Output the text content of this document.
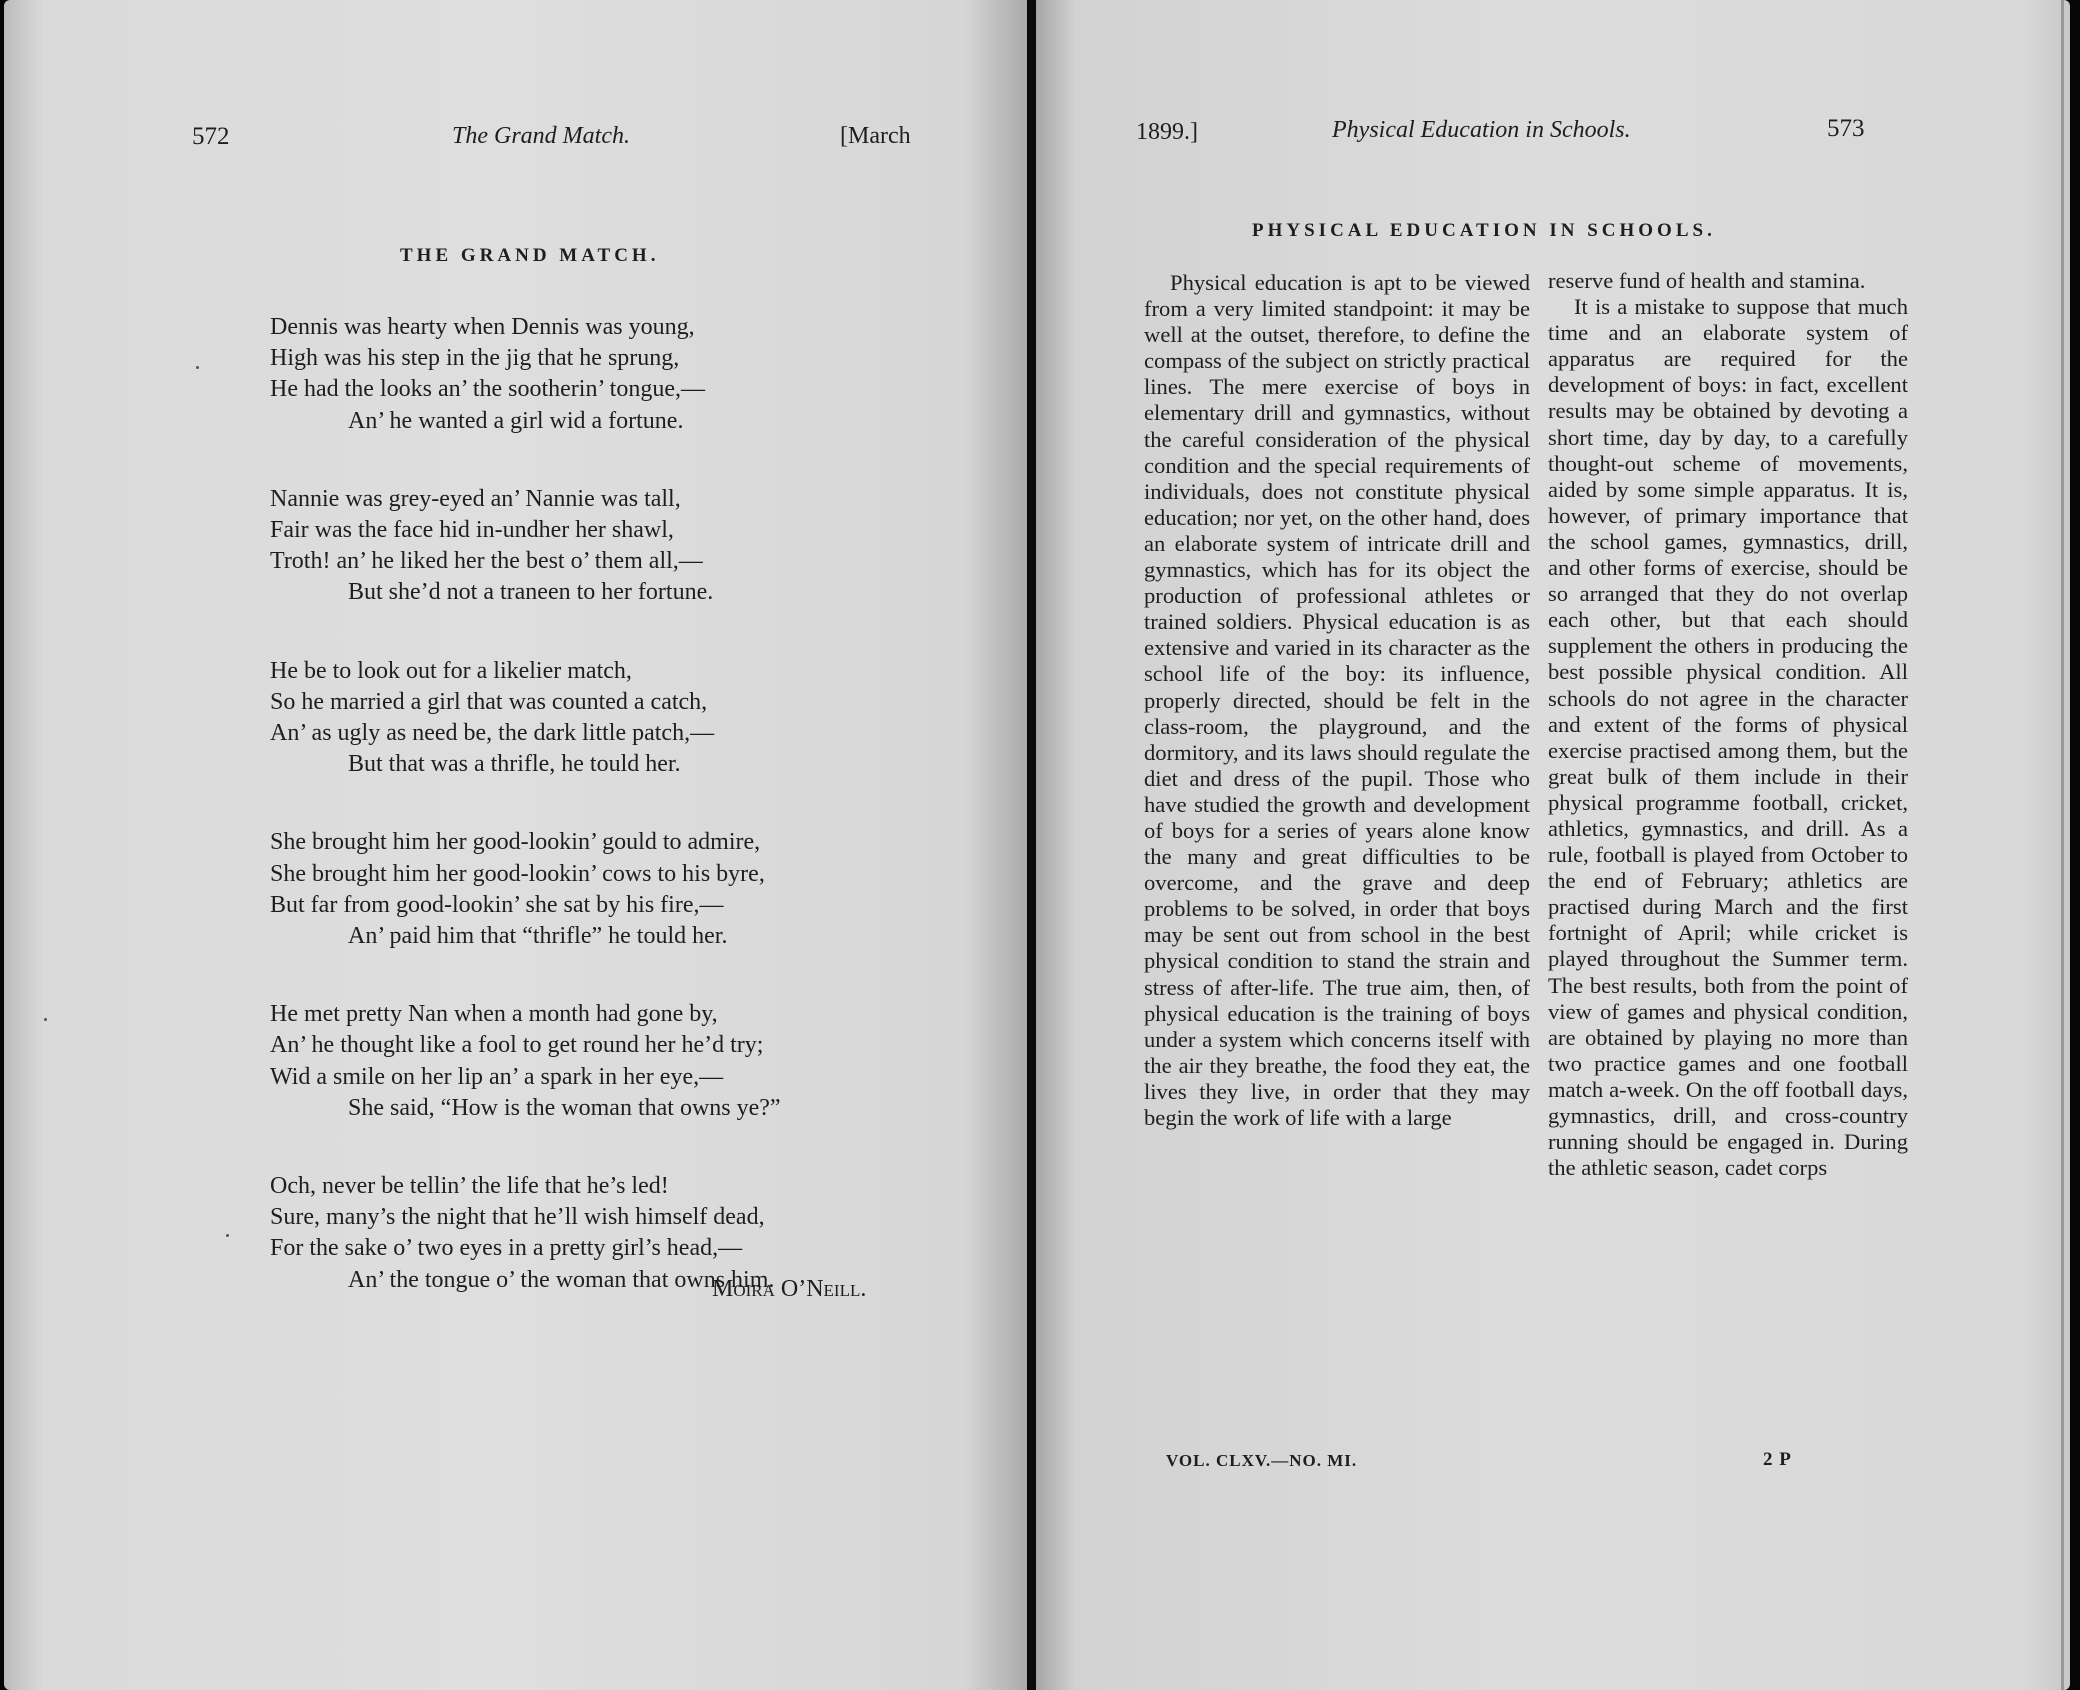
572	The Grand Match.	[March
THE GRAND MATCH.
Dennis was hearty when Dennis was young,
High was his step in the jig that he sprung,
He had the looks an’ the sootherin’ tongue,—
An’ he wanted a girl wid a fortune.
Nannie was grey-eyed an’ Nannie was tall,
Fair was the face hid in-undher her shawl,
Troth! an’ he liked her the best o’ them all,—
But she’d not a traneen to her fortune.
He be to look out for a likelier match,
So he married a girl that was counted a catch,
An’ as ugly as need be, the dark little patch,—
But that was a thrifle, he tould her.
She brought him her good-lookin’ gould to admire,
She brought him her good-lookin’ cows to his byre,
But far from good-lookin’ she sat by his fire,—
An’ paid him that “thrifle” he tould her.
He met pretty Nan when a month had gone by,
An’ he thought like a fool to get round her he’d try;
Wid a smile on her lip an’ a spark in her eye,—
She said, “How is the woman that owns ye?”
Och, never be tellin’ the life that he’s led!
Sure, many’s the night that he’ll wish himself dead,
For the sake o’ two eyes in a pretty girl’s head,—
An’ the tongue o’ the woman that owns him.
Moira O’Neill.
1899.]	Physical Education in Schools.	573
PHYSICAL EDUCATION IN SCHOOLS.

Physical education is apt to be viewed from a very limited standpoint: it may be well at the outset, therefore, to define the compass of the subject on strictly practical lines. The mere exercise of boys in elementary drill and gymnastics, without the careful consideration of the physical condition and the special requirements of individuals, does not constitute physical education; nor yet, on the other hand, does an elaborate system of intricate drill and gymnastics, which has for its object the production of professional athletes or trained soldiers. Physical education is as extensive and varied in its character as the school life of the boy: its influence, properly directed, should be felt in the class-room, the playground, and the dormitory, and its laws should regulate the diet and dress of the pupil. Those who have studied the growth and development of boys for a series of years alone know the many and great difficulties to be overcome, and the grave and deep problems to be solved, in order that boys may be sent out from school in the best physical condition to stand the strain and stress of after-life. The true aim, then, of physical education is the training of boys under a system which concerns itself with the air they breathe, the food they eat, the lives they live, in order that they may begin the work of life with a large

reserve fund of health and stamina.

It is a mistake to suppose that much time and an elaborate system of apparatus are required for the development of boys: in fact, excellent results may be obtained by devoting a short time, day by day, to a carefully thought-out scheme of movements, aided by some simple apparatus. It is, however, of primary importance that the school games, gymnastics, drill, and other forms of exercise, should be so arranged that they do not overlap each other, but that each should supplement the others in producing the best possible physical condition. All schools do not agree in the character and extent of the forms of physical exercise practised among them, but the great bulk of them include in their physical programme football, cricket, athletics, gymnastics, and drill. As a rule, football is played from October to the end of February; athletics are practised during March and the first fortnight of April; while cricket is played throughout the Summer term. The best results, both from the point of view of games and physical condition, are obtained by playing no more than two practice games and one football match a-week. On the off football days, gymnastics, drill, and cross-country running should be engaged in. During the athletic season, cadet corps

VOL. CLXV.—NO. MI.	2 P
